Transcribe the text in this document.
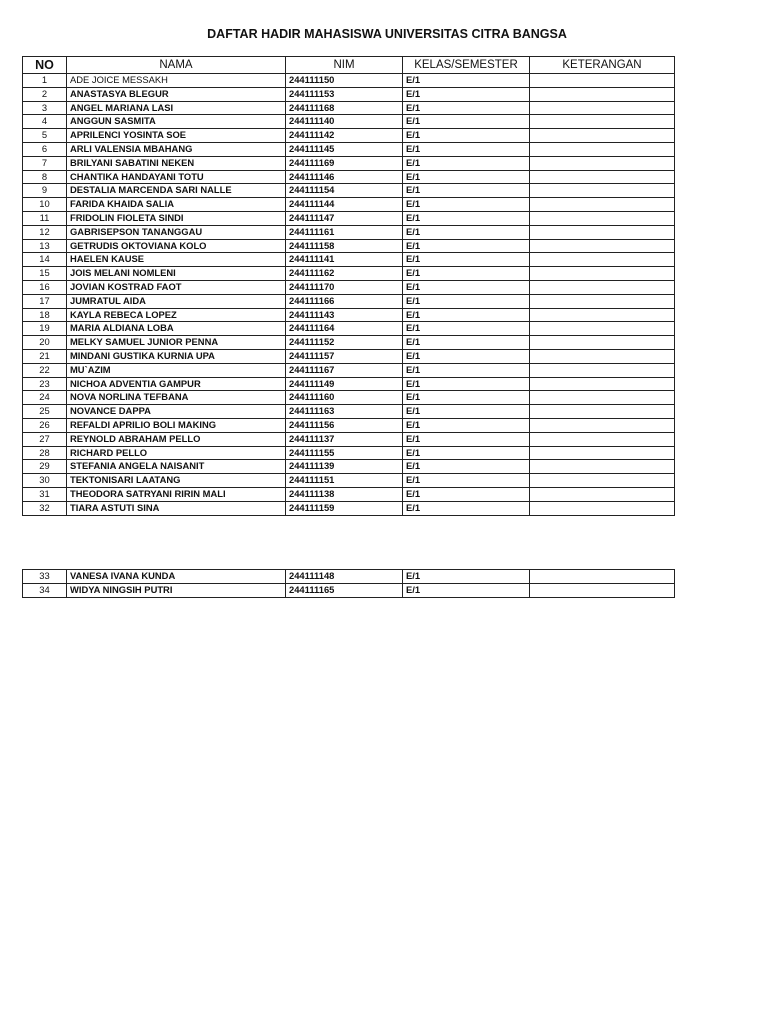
DAFTAR HADIR MAHASISWA UNIVERSITAS CITRA BANGSA
NO	NAMA	NIM	KELAS/SEMESTER	KETERANGAN
1	ADE JOICE MESSAKH	244111150	E/1	
2	ANASTASYA BLEGUR	244111153	E/1	
3	ANGEL MARIANA LASI	244111168	E/1	
4	ANGGUN SASMITA	244111140	E/1	
5	APRILENCI YOSINTA SOE	244111142	E/1	
6	ARLI VALENSIA MBAHANG	244111145	E/1	
7	BRILYANI SABATINI NEKEN	244111169	E/1	
8	CHANTIKA HANDAYANI TOTU	244111146	E/1	
9	DESTALIA MARCENDA SARI NALLE	244111154	E/1	
10	FARIDA KHAIDA SALIA	244111144	E/1	
11	FRIDOLIN FIOLETA SINDI	244111147	E/1	
12	GABRISEPSON TANANGGAU	244111161	E/1	
13	GETRUDIS OKTOVIANA KOLO	244111158	E/1	
14	HAELEN KAUSE	244111141	E/1	
15	JOIS MELANI NOMLENI	244111162	E/1	
16	JOVIAN KOSTRAD FAOT	244111170	E/1	
17	JUMRATUL AIDA	244111166	E/1	
18	KAYLA REBECA LOPEZ	244111143	E/1	
19	MARIA ALDIANA LOBA	244111164	E/1	
20	MELKY SAMUEL JUNIOR PENNA	244111152	E/1	
21	MINDANI GUSTIKA KURNIA UPA	244111157	E/1	
22	MU`AZIM	244111167	E/1	
23	NICHOA ADVENTIA GAMPUR	244111149	E/1	
24	NOVA NORLINA TEFBANA	244111160	E/1	
25	NOVANCE DAPPA	244111163	E/1	
26	REFALDI APRILIO BOLI MAKING	244111156	E/1	
27	REYNOLD ABRAHAM PELLO	244111137	E/1	
28	RICHARD PELLO	244111155	E/1	
29	STEFANIA ANGELA NAISANIT	244111139	E/1	
30	TEKTONISARI LAATANG	244111151	E/1	
31	THEODORA SATRYANI RIRIN MALI	244111138	E/1	
32	TIARA ASTUTI SINA	244111159	E/1	
33	VANESA IVANA KUNDA	244111148	E/1	
34	WIDYA NINGSIH PUTRI	244111165	E/1	
